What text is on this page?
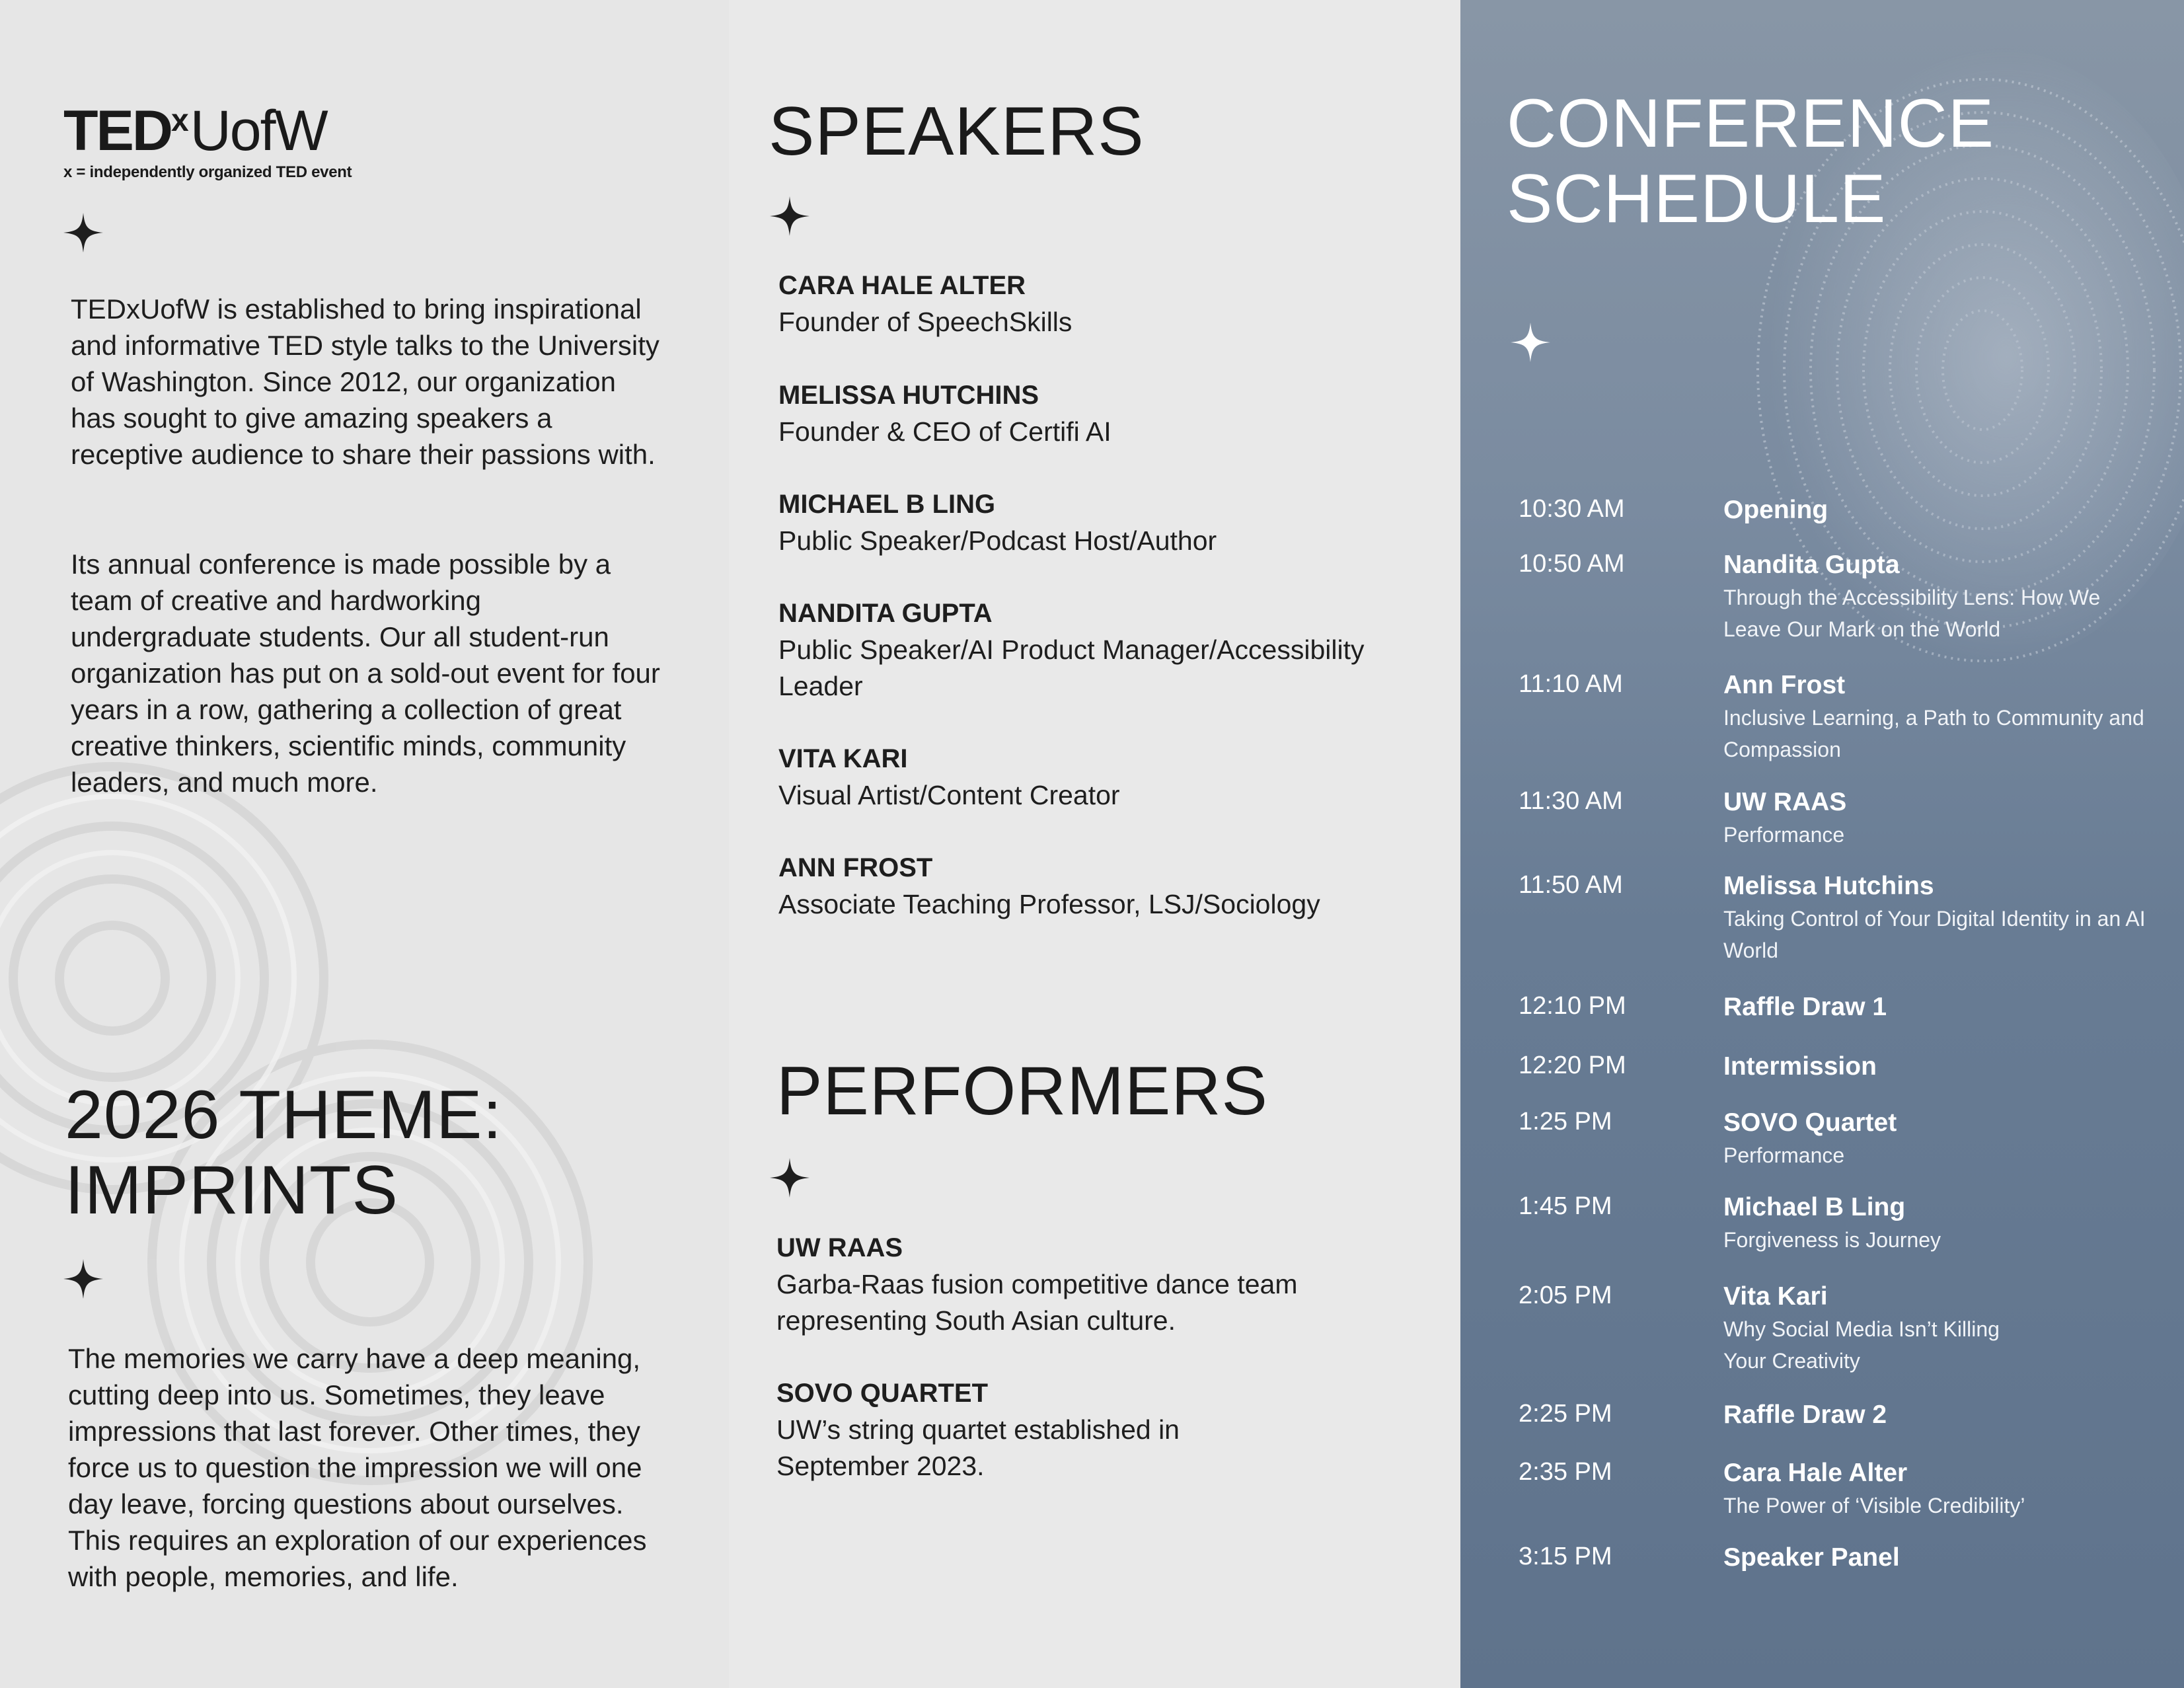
TED$^x$UofW
x = independently organized TED event

TEDxUofW is established to bring inspirational and informative TED style talks to the University of Washington. Since 2012, our organization has sought to give amazing speakers a receptive audience to share their passions with.

Its annual conference is made possible by a team of creative and hardworking undergraduate students. Our all student-run organization has put on a sold-out event for four years in a row, gathering a collection of great creative thinkers, scientific minds, community leaders, and much more.

2026 THEME:
IMPRINTS

The memories we carry have a deep meaning, cutting deep into us. Sometimes, they leave impressions that last forever. Other times, they force us to question the impression we will one day leave, forcing questions about ourselves. This requires an exploration of our experiences with people, memories, and life.

SPEAKERS
CARA HALE ALTER
Founder of SpeechSkills
MELISSA HUTCHINS
Founder & CEO of Certifi AI
MICHAEL B LING
Public Speaker/Podcast Host/Author
NANDITA GUPTA
Public Speaker/AI Product Manager/Accessibility Leader
VITA KARI
Visual Artist/Content Creator
ANN FROST
Associate Teaching Professor, LSJ/Sociology
PERFORMERS
UW RAAS
Garba-Raas fusion competitive dance team representing South Asian culture.
SOVO QUARTET
UW’s string quartet established in September 2023.
CONFERENCE
SCHEDULE
10:30 AM	Opening
10:50 AM	Nandita Gupta
Through the Accessibility Lens: How We Leave Our Mark on the World
11:10 AM	Ann Frost
Inclusive Learning, a Path to Community and Compassion
11:30 AM	UW RAAS
Performance
11:50 AM	Melissa Hutchins
Taking Control of Your Digital Identity in an AI World
12:10 PM	Raffle Draw 1
12:20 PM	Intermission
1:25 PM	SOVO Quartet
Performance
1:45 PM	Michael B Ling
Forgiveness is Journey
2:05 PM	Vita Kari
Why Social Media Isn’t Killing Your Creativity
2:25 PM	Raffle Draw 2
2:35 PM	Cara Hale Alter
The Power of ‘Visible Credibility’
3:15 PM	Speaker Panel
